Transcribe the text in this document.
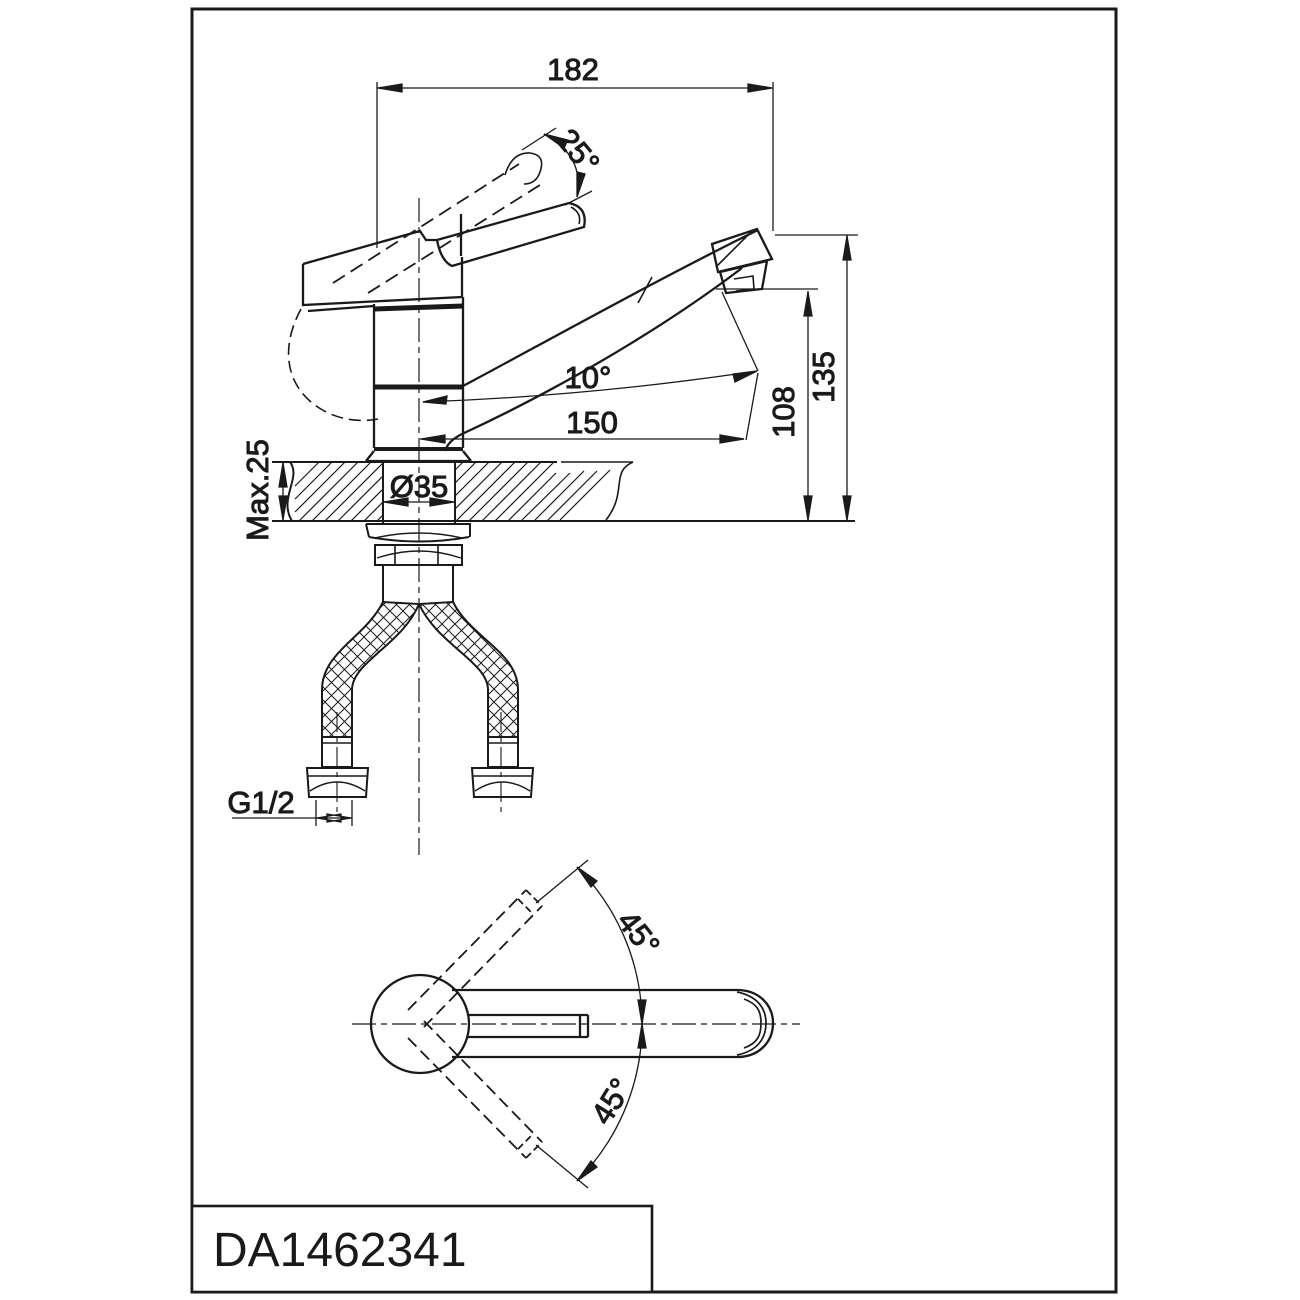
182
25°
10°
150	108
135
Ø35
Max.25
G1/2
45°
45°
DA1462341
